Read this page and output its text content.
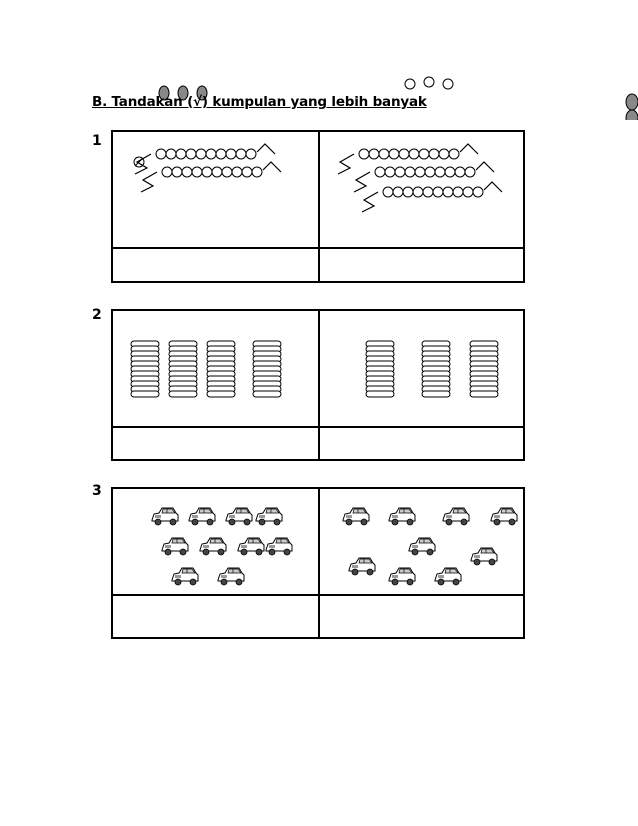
B. Tandakan (√) kumpulan yang lebih banyak
1
2
3
